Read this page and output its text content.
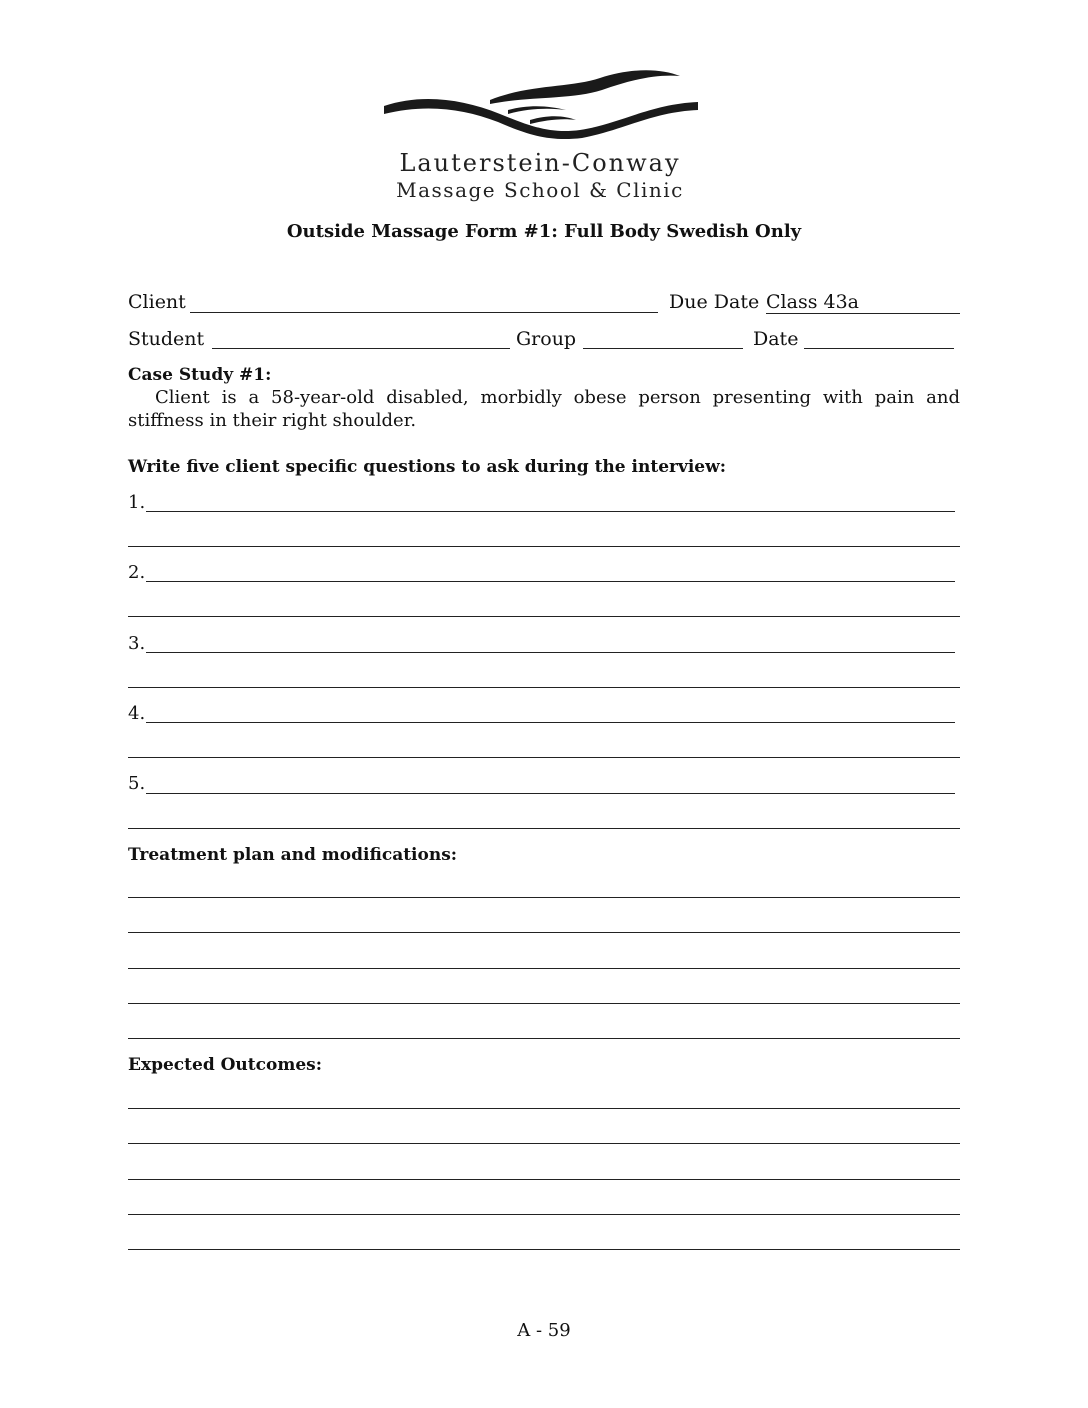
Lauterstein-Conway
Massage School & Clinic
Outside Massage Form #1: Full Body Swedish Only
Client	Due Date Class 43a
Student	Group	Date
Case Study #1:
Client is a 58-year-old disabled, morbidly obese person presenting with pain and stiffness in their right shoulder.
Write five client specific questions to ask during the interview:
1.
2.
3.
4.
5.
Treatment plan and modifications:
Expected Outcomes:
A - 59
